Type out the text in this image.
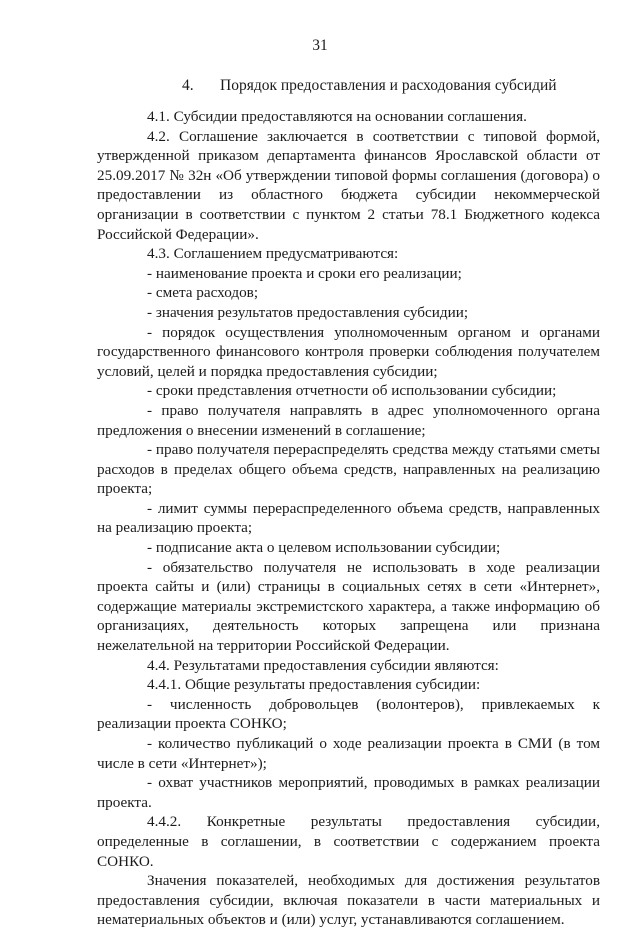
31
4. Порядок предоставления и расходования субсидий

4.1. Субсидии предоставляются на основании соглашения.

4.2. Соглашение заключается в соответствии с типовой формой, утвержденной приказом департамента финансов Ярославской области от 25.09.2017 № 32н «Об утверждении типовой формы соглашения (договора) о предоставлении из областного бюджета субсидии некоммерческой организации в соответствии с пунктом 2 статьи 78.1 Бюджетного кодекса Российской Федерации».

4.3. Соглашением предусматриваются:

- наименование проекта и сроки его реализации;

- смета расходов;

- значения результатов предоставления субсидии;

- порядок осуществления уполномоченным органом и органами государственного финансового контроля проверки соблюдения получателем условий, целей и порядка предоставления субсидии;

- сроки представления отчетности об использовании субсидии;

- право получателя направлять в адрес уполномоченного органа предложения о внесении изменений в соглашение;

- право получателя перераспределять средства между статьями сметы расходов в пределах общего объема средств, направленных на реализацию проекта;

- лимит суммы перераспределенного объема средств, направленных на реализацию проекта;

- подписание акта о целевом использовании субсидии;

- обязательство получателя не использовать в ходе реализации проекта сайты и (или) страницы в социальных сетях в сети «Интернет», содержащие материалы экстремистского характера, а также информацию об организациях, деятельность которых запрещена или признана нежелательной на территории Российской Федерации.

4.4. Результатами предоставления субсидии являются:

4.4.1. Общие результаты предоставления субсидии:

- численность добровольцев (волонтеров), привлекаемых к реализации проекта СОНКО;

- количество публикаций о ходе реализации проекта в СМИ (в том числе в сети «Интернет»);

- охват участников мероприятий, проводимых в рамках реализации проекта.

4.4.2. Конкретные результаты предоставления субсидии, определенные в соглашении, в соответствии с содержанием проекта СОНКО.

Значения показателей, необходимых для достижения результатов предоставления субсидии, включая показатели в части материальных и нематериальных объектов и (или) услуг, устанавливаются соглашением.
